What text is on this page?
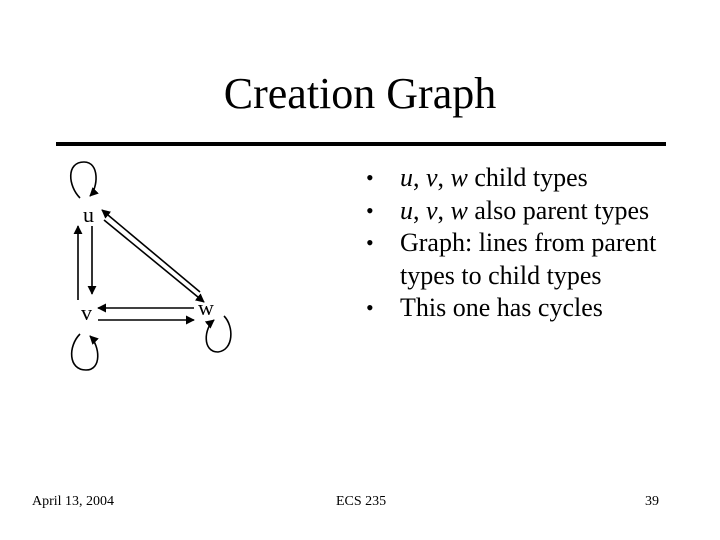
Creation Graph
u
v	w
• u, v, w child types
• u, v, w also parent types
• Graph: lines from parent types to child types
• This one has cycles
April 13, 2004	ECS 235	39
